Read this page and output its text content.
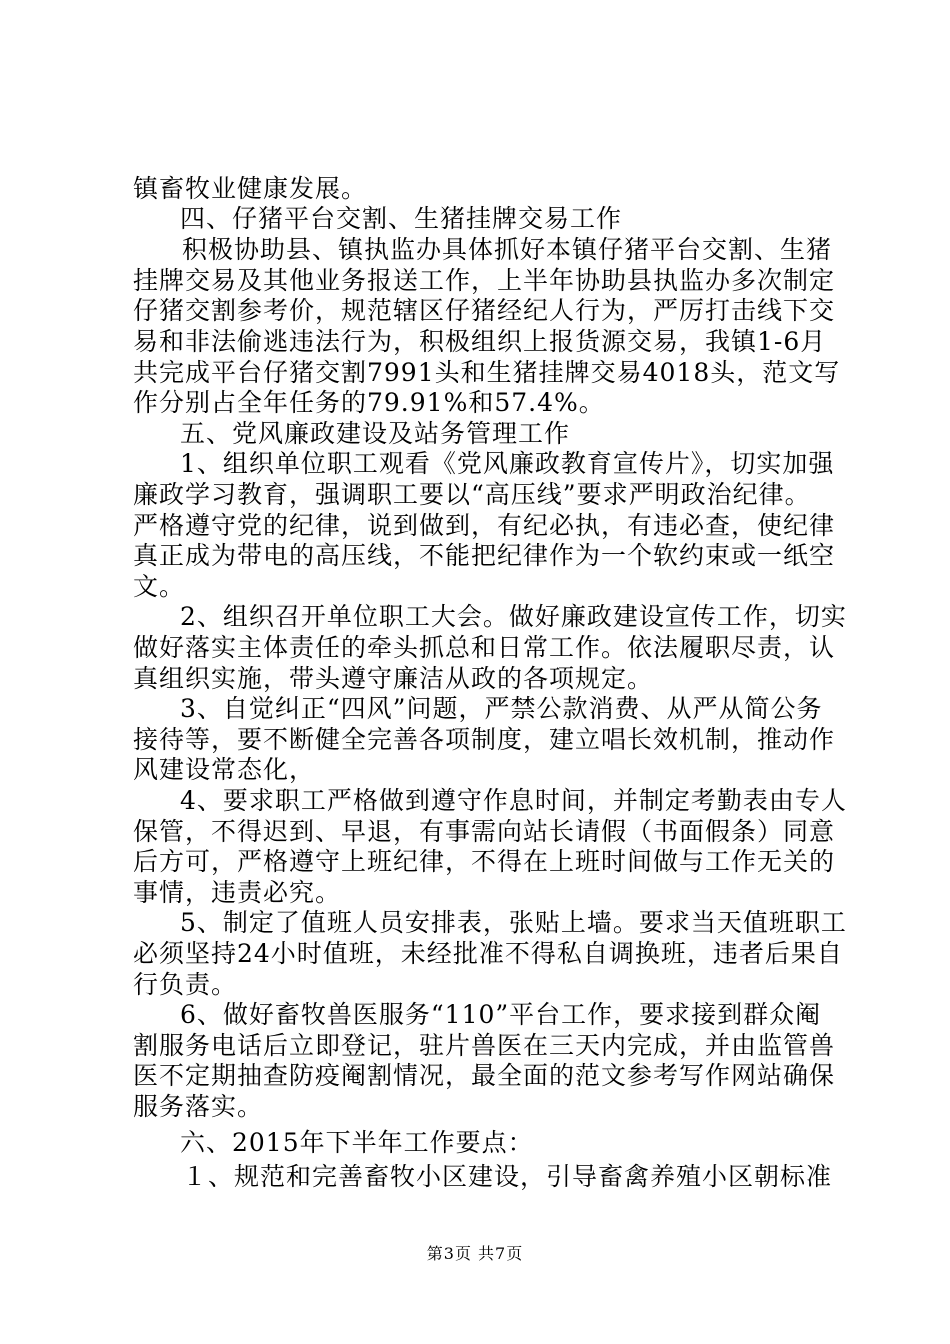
镇畜牧业健康发展。
四、仔猪平台交割、生猪挂牌交易工作
积极协助县、镇执监办具体抓好本镇仔猪平台交割、生猪
挂牌交易及其他业务报送工作，上半年协助县执监办多次制定
仔猪交割参考价，规范辖区仔猪经纪人行为，严厉打击线下交
易和非法偷逃违法行为，积极组织上报货源交易，我镇1-6月
共完成平台仔猪交割7991头和生猪挂牌交易4018头，范文写
作分别占全年任务的79.91%和57.4%。
五、党风廉政建设及站务管理工作
1、组织单位职工观看《党风廉政教育宣传片》，切实加强
廉政学习教育，强调职工要以“高压线”要求严明政治纪律。
严格遵守党的纪律，说到做到，有纪必执，有违必查，使纪律
真正成为带电的高压线，不能把纪律作为一个软约束或一纸空
文。
2、组织召开单位职工大会。做好廉政建设宣传工作，切实
做好落实主体责任的牵头抓总和日常工作。依法履职尽责，认
真组织实施，带头遵守廉洁从政的各项规定。
3、自觉纠正“四风”问题，严禁公款消费、从严从简公务
接待等，要不断健全完善各项制度，建立唱长效机制，推动作
风建设常态化，
4、要求职工严格做到遵守作息时间，并制定考勤表由专人
保管，不得迟到、早退，有事需向站长请假（书面假条）同意
后方可，严格遵守上班纪律，不得在上班时间做与工作无关的
事情，违责必究。
5、制定了值班人员安排表，张贴上墙。要求当天值班职工
必须坚持24小时值班，未经批准不得私自调换班，违者后果自
行负责。
6、做好畜牧兽医服务“110”平台工作，要求接到群众阉
割服务电话后立即登记，驻片兽医在三天内完成，并由监管兽
医不定期抽查防疫阉割情况，最全面的范文参考写作网站确保
服务落实。
第3页 共7页
六、2015年下半年工作要点：
１、规范和完善畜牧小区建设，引导畜禽养殖小区朝标准
